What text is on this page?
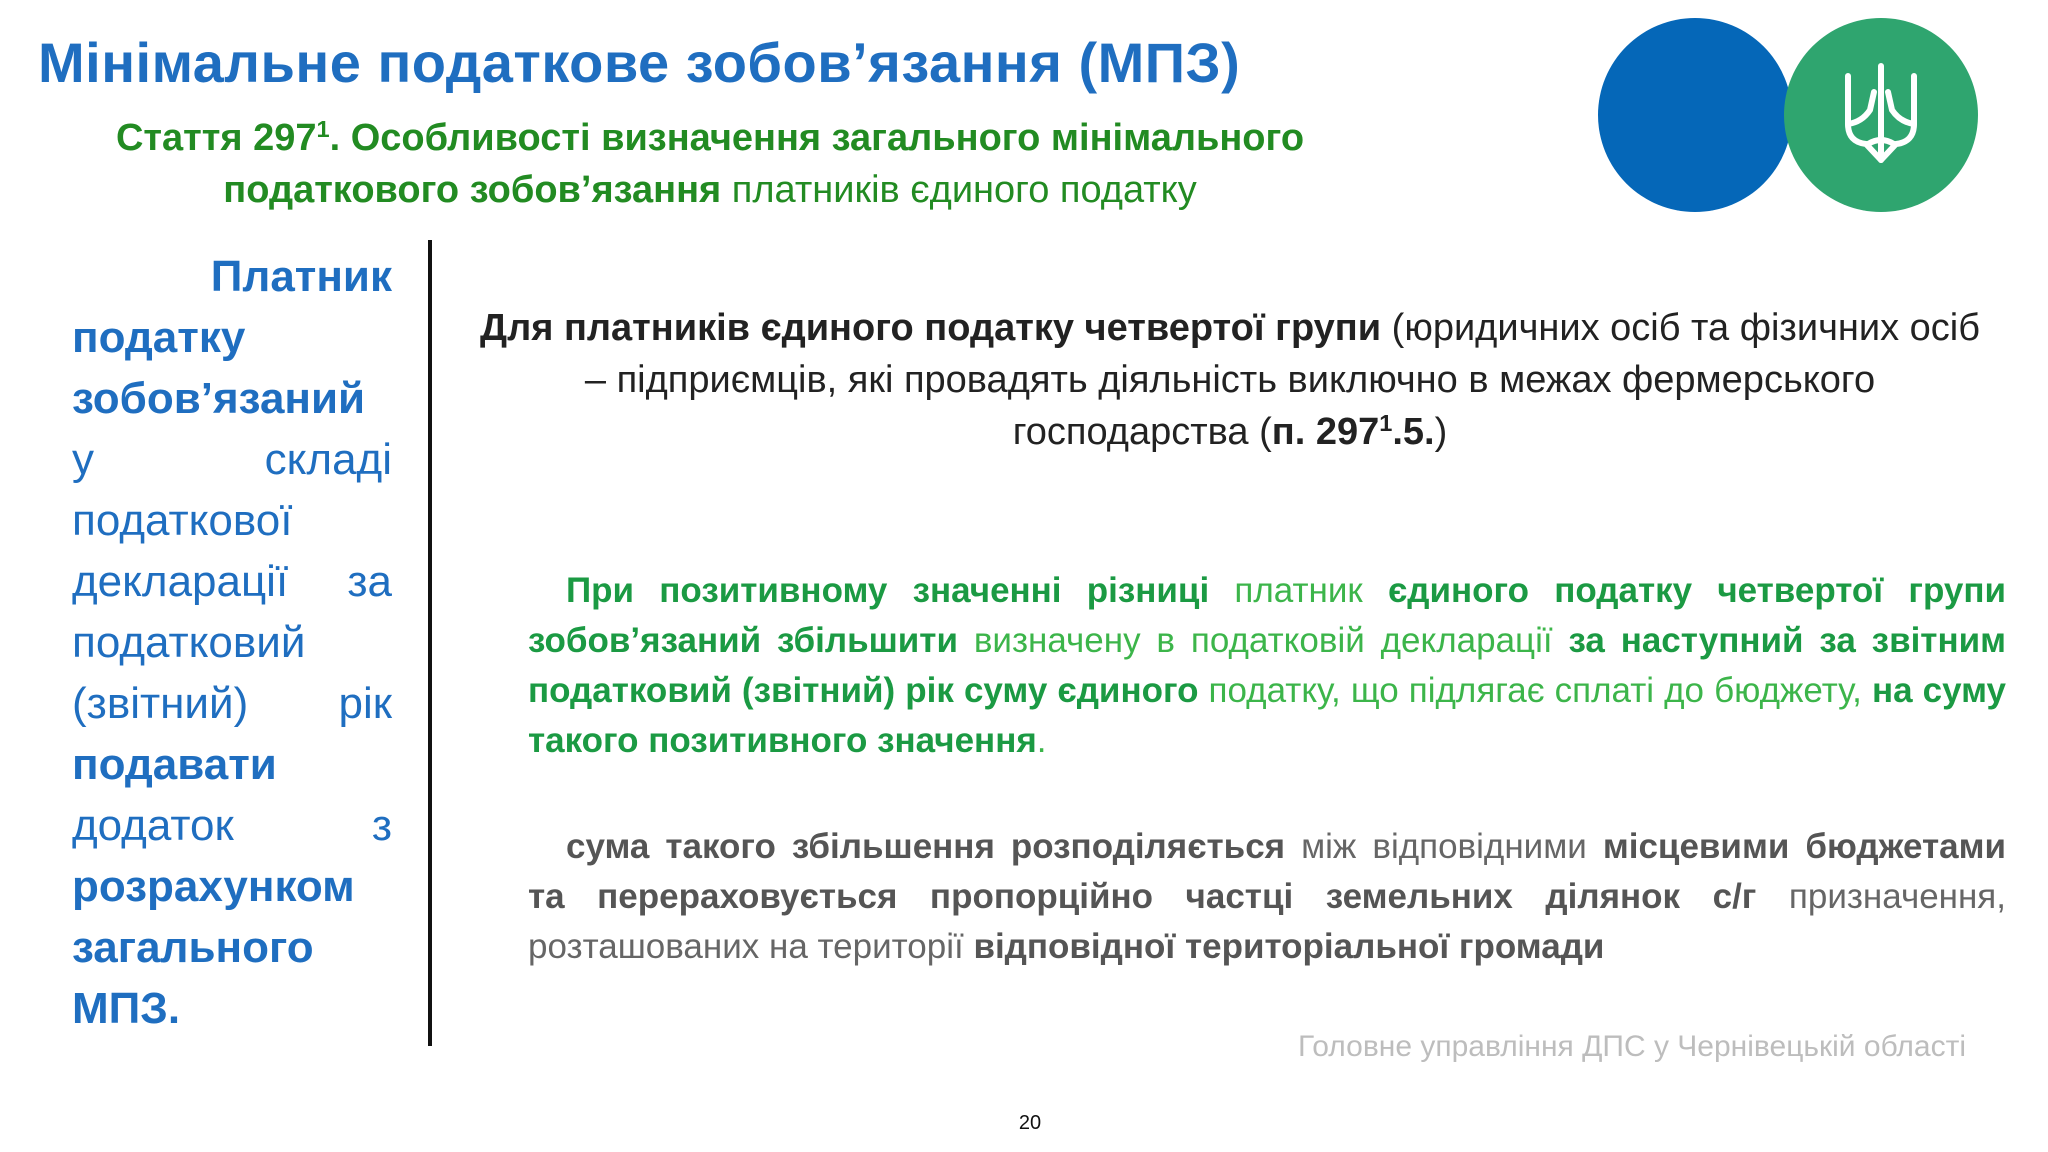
Мінімальне податкове зобов’язання (МПЗ)
Стаття $297^1$. Особливості визначення загального мінімального податкового зобов’язання платників єдиного податку
Платник податку зобов’язаний у складі податкової декларації за податковий (звітний) рік подавати додаток з розрахунком загального МПЗ.
Для платників єдиного податку четвертої групи (юридичних осіб та фізичних осіб – підприємців, які провадять діяльність виключно в межах фермерського господарства (п. $297^1.5$.)
При позитивному значенні різниці платник єдиного податку четвертої групи зобов’язаний збільшити визначену в податковій декларації за наступний за звітним податковий (звітний) рік суму єдиного податку, що підлягає сплаті до бюджету, на суму такого позитивного значення.
сума такого збільшення розподіляється між відповідними місцевими бюджетами та перераховується пропорційно частці земельних ділянок с/г призначення, розташованих на території відповідної територіальної громади
Головне управління ДПС у Чернівецькій області
20
